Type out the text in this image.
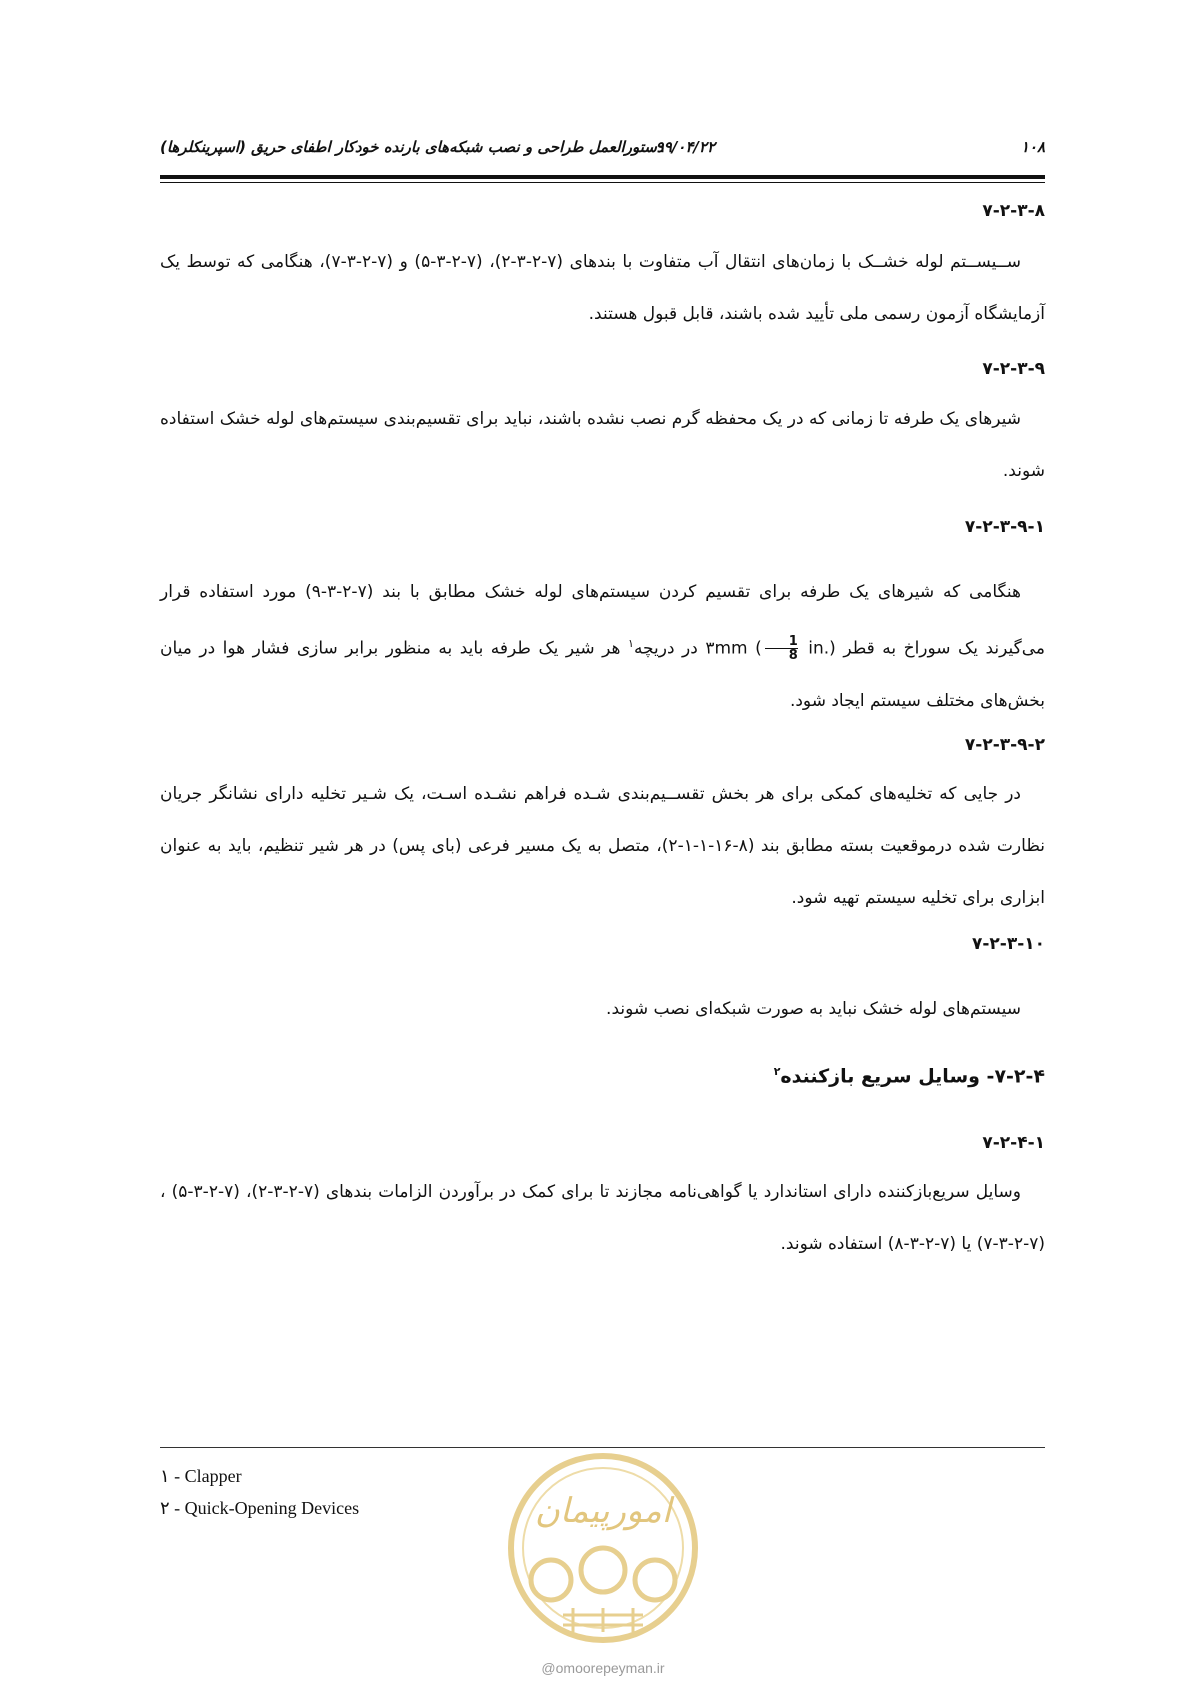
۱۰۸
۹۹/۰۴/۲۲
دستورالعمل طراحی و نصب شبکه‌های بارنده خودکار اطفای حریق (اسپرینکلرها)
۷-۲-۳-۸
ســیســتم لوله خشــک با زمان‌های انتقال آب متفاوت با بندهای (۷-۲-۳-۲)، (۷-۲-۳-۵) و (۷-۲-۳-۷)، هنگامی که توسط یک آزمایشگاه آزمون رسمی ملی تأیید شده باشند، قابل قبول هستند.
۷-۲-۳-۹
شیرهای یک طرفه تا زمانی که در یک محفظه گرم نصب نشده باشند، نباید برای تقسیم‌بندی سیستم‌های لوله خشک استفاده شوند.
۷-۲-۳-۹-۱
هنگامی که شیرهای یک طرفه برای تقسیم کردن سیستم‌های لوله خشک مطابق با بند (۷-۲-۳-۹) مورد استفاده قرار می‌گیرند یک سوراخ به قطر ۳mm (
$\frac{1}{8}$
in.) در دریچه$^۱$ هر شیر یک طرفه باید به منظور برابر سازی فشار هوا در میان بخش‌های مختلف سیستم ایجاد شود.
۷-۲-۳-۹-۲
در جایی که تخلیه‌های کمکی برای هر بخش تقســیم‌بندی شـده فراهم نشـده اسـت، یک شـیر تخلیه دارای نشانگر جریان نظارت شده درموقعیت بسته مطابق بند (۸-۱۶-۱-۱-۲)، متصل به یک مسیر فرعی (بای پس) در هر شیر تنظیم، باید به عنوان ابزاری برای تخلیه سیستم تهیه شود.
۷-۲-۳-۱۰
سیستم‌های لوله خشک نباید به صورت شبکه‌ای نصب شوند.
۷-۲-۴- وسایل سریع بازکننده$^۲$
۷-۲-۴-۱
وسایل سریع‌بازکننده دارای استاندارد یا گواهی‌نامه مجازند تا برای کمک در برآوردن الزامات بندهای (۷-۲-۳-۲)، (۷-۲-۳-۵) ، (۷-۲-۳-۷) یا (۷-۲-۳-۸) استفاده شوند.
۱ - Clapper
۲ - Quick-Opening Devices	امورپیمان
@omoorepeyman.ir
